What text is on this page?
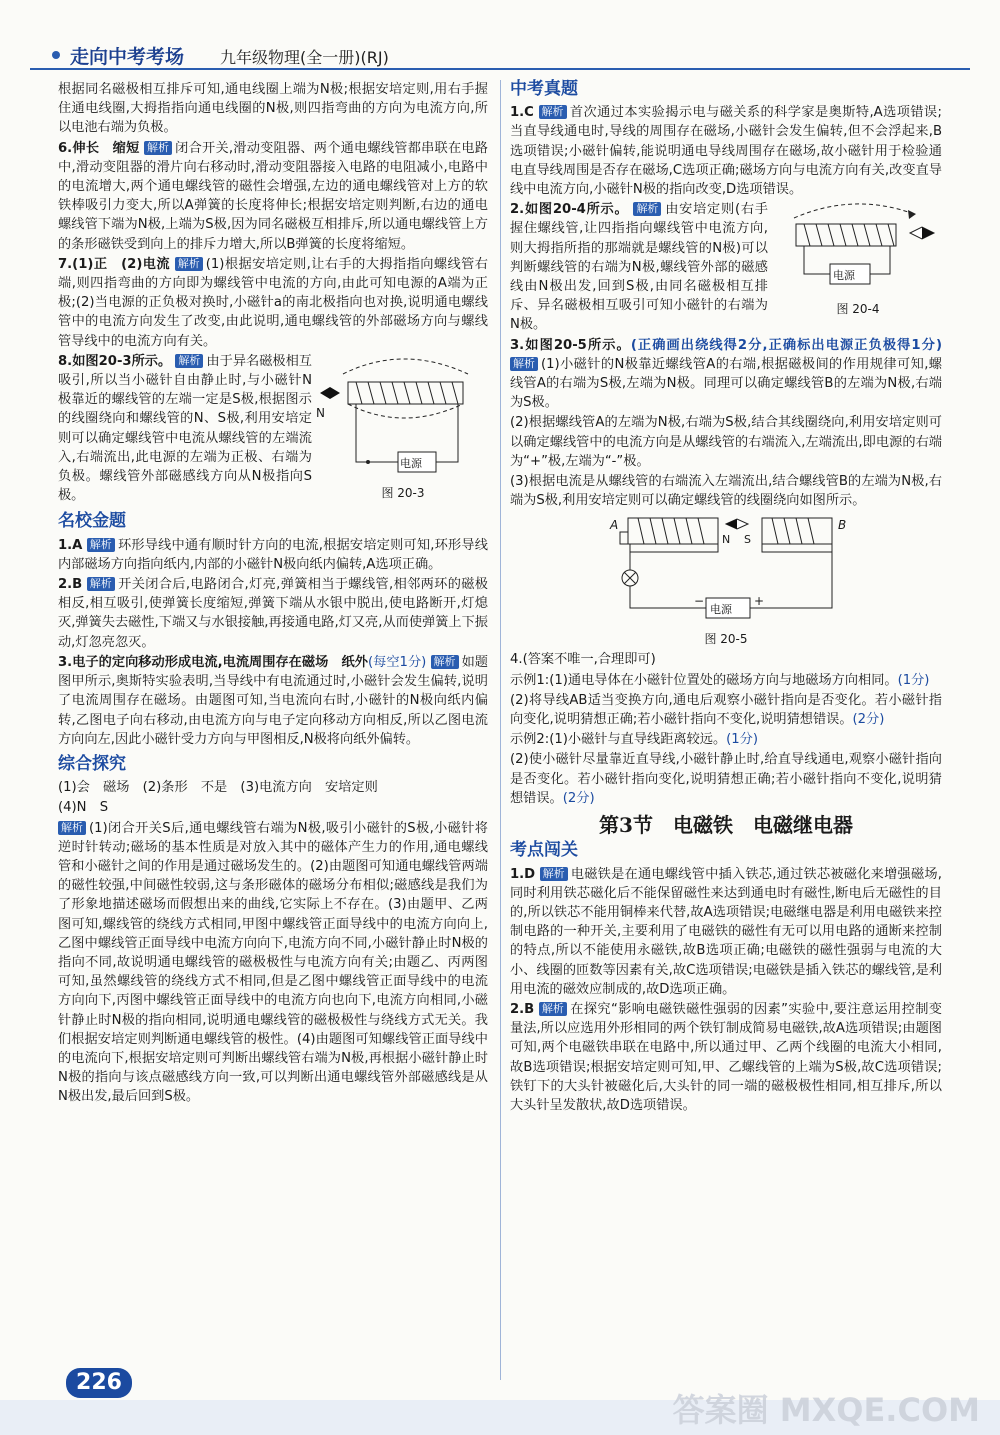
走向中考考场 九年级物理(全一册)(RJ)

根据同名磁极相互排斥可知,通电线圈上端为N极;根据安培定则,用右手握住通电线圈,大拇指指向通电线圈的N极,则四指弯曲的方向为电流方向,所以电池右端为负极。

6.伸长　缩短 解析 闭合开关,滑动变阻器、两个通电螺线管都串联在电路中,滑动变阻器的滑片向右移动时,滑动变阻器接入电路的电阻减小,电路中的电流增大,两个通电螺线管的磁性会增强,左边的通电螺线管对上方的软铁棒吸引力变大,所以A弹簧的长度将伸长;根据安培定则判断,右边的通电螺线管下端为N极,上端为S极,因为同名磁极互相排斥,所以通电螺线管上方的条形磁铁受到向上的排斥力增大,所以B弹簧的长度将缩短。

7.(1)正　(2)电流 解析 (1)根据安培定则,让右手的大拇指指向螺线管右端,则四指弯曲的方向即为螺线管中电流的方向,由此可知电源的A端为正极;(2)当电源的正负极对换时,小磁针a的南北极指向也对换,说明通电螺线管中的电流方向发生了改变,由此说明,通电螺线管的外部磁场方向与螺线管导线中的电流方向有关。

N
电源
图 20-3

8.如图20-3所示。 解析 由于异名磁极相互吸引,所以当小磁针自由静止时,与小磁针N极靠近的螺线管的左端一定是S极,根据图示的线圈绕向和螺线管的N、S极,利用安培定则可以确定螺线管中电流从螺线管的左端流入,右端流出,此电源的左端为正极、右端为负极。螺线管外部磁感线方向从N极指向S极。

名校金题

1.A 解析 环形导线中通有顺时针方向的电流,根据安培定则可知,环形导线内部磁场方向指向纸内,内部的小磁针N极向纸内偏转,A选项正确。

2.B 解析 开关闭合后,电路闭合,灯亮,弹簧相当于螺线管,相邻两环的磁极相反,相互吸引,使弹簧长度缩短,弹簧下端从水银中脱出,使电路断开,灯熄灭,弹簧失去磁性,下端又与水银接触,再接通电路,灯又亮,从而使弹簧上下振动,灯忽亮忽灭。

3.电子的定向移动形成电流,电流周围存在磁场　纸外(每空1分) 解析 如题图甲所示,奥斯特实验表明,当导线中有电流通过时,小磁针会发生偏转,说明了电流周围存在磁场。由题图可知,当电流向右时,小磁针的N极向纸内偏转,乙图电子向右移动,由电流方向与电子定向移动方向相反,所以乙图电流方向向左,因此小磁针受力方向与甲图相反,N极将向纸外偏转。

综合探究

(1)会　磁场　(2)条形　不是　(3)电流方向　安培定则

(4)N　S

解析 (1)闭合开关S后,通电螺线管右端为N极,吸引小磁针的S极,小磁针将逆时针转动;磁场的基本性质是对放入其中的磁体产生力的作用,通电螺线管和小磁针之间的作用是通过磁场发生的。(2)由题图可知通电螺线管两端的磁性较强,中间磁性较弱,这与条形磁体的磁场分布相似;磁感线是我们为了形象地描述磁场而假想出来的曲线,它实际上不存在。(3)由题甲、乙两图可知,螺线管的绕线方式相同,甲图中螺线管正面导线中的电流方向向上,乙图中螺线管正面导线中电流方向向下,电流方向不同,小磁针静止时N极的指向不同,故说明通电螺线管的磁极极性与电流方向有关;由题乙、丙两图可知,虽然螺线管的绕线方式不相同,但是乙图中螺线管正面导线中的电流方向向下,丙图中螺线管正面导线中的电流方向也向下,电流方向相同,小磁针静止时N极的指向相同,说明通电螺线管的磁极极性与绕线方式无关。我们根据安培定则判断通电螺线管的极性。(4)由题图可知螺线管正面导线中的电流向下,根据安培定则可判断出螺线管右端为N极,再根据小磁针静止时N极的指向与该点磁感线方向一致,可以判断出通电螺线管外部磁感线是从N极出发,最后回到S极。

中考真题

1.C 解析 首次通过本实验揭示电与磁关系的科学家是奥斯特,A选项错误;当直导线通电时,导线的周围存在磁场,小磁针会发生偏转,但不会浮起来,B选项错误;小磁针偏转,能说明通电导线周围存在磁场,故小磁针用于检验通电直导线周围是否存在磁场,C选项正确;磁场方向与电流方向有关,改变直导线中电流方向,小磁针N极的指向改变,D选项错误。

电源
图 20-4

2.如图20-4所示。 解析 由安培定则(右手握住螺线管,让四指指向螺线管中电流方向,则大拇指所指的那端就是螺线管的N极)可以判断螺线管的右端为N极,螺线管外部的磁感线由N极出发,回到S极,由同名磁极相互排斥、异名磁极相互吸引可知小磁针的右端为N极。

3.如图20-5所示。(正确画出绕线得2分,正确标出电源正负极得1分) 解析 (1)小磁针的N极靠近螺线管A的右端,根据磁极间的作用规律可知,螺线管A的右端为S极,左端为N极。同理可以确定螺线管B的左端为N极,右端为S极。

(2)根据螺线管A的左端为N极,右端为S极,结合其线圈绕向,利用安培定则可以确定螺线管中的电流方向是从螺线管的右端流入,左端流出,即电源的右端为“+”极,左端为“-”极。

(3)根据电流是从螺线管的右端流入左端流出,结合螺线管B的左端为N极,右端为S极,利用安培定则可以确定螺线管的线圈绕向如图所示。

A	B
N S
−	+
电源
图 20-5

4.(答案不唯一,合理即可)

示例1:(1)通电导体在小磁针位置处的磁场方向与地磁场方向相同。(1分)

(2)将导线AB适当变换方向,通电后观察小磁针指向是否变化。若小磁针指向变化,说明猜想正确;若小磁针指向不变化,说明猜想错误。(2分)

示例2:(1)小磁针与直导线距离较远。(1分)

(2)使小磁针尽量靠近直导线,小磁针静止时,给直导线通电,观察小磁针指向是否变化。若小磁针指向变化,说明猜想正确;若小磁针指向不变化,说明猜想错误。(2分)

第3节　电磁铁　电磁继电器
考点闯关

1.D 解析 电磁铁是在通电螺线管中插入铁芯,通过铁芯被磁化来增强磁场,同时利用铁芯磁化后不能保留磁性来达到通电时有磁性,断电后无磁性的目的,所以铁芯不能用铜棒来代替,故A选项错误;电磁继电器是利用电磁铁来控制电路的一种开关,主要利用了电磁铁的磁性有无可以用电路的通断来控制的特点,所以不能使用永磁铁,故B选项正确;电磁铁的磁性强弱与电流的大小、线圈的匝数等因素有关,故C选项错误;电磁铁是插入铁芯的螺线管,是利用电流的磁效应制成的,故D选项正确。

2.B 解析 在探究“影响电磁铁磁性强弱的因素”实验中,要注意运用控制变量法,所以应选用外形相同的两个铁钉制成简易电磁铁,故A选项错误;由题图可知,两个电磁铁串联在电路中,所以通过甲、乙两个线圈的电流大小相同,故B选项错误;根据安培定则可知,甲、乙螺线管的上端为S极,故C选项错误;铁钉下的大头针被磁化后,大头针的同一端的磁极极性相同,相互排斥,所以大头针呈发散状,故D选项错误。

226
答案圈 MXQE.COM
